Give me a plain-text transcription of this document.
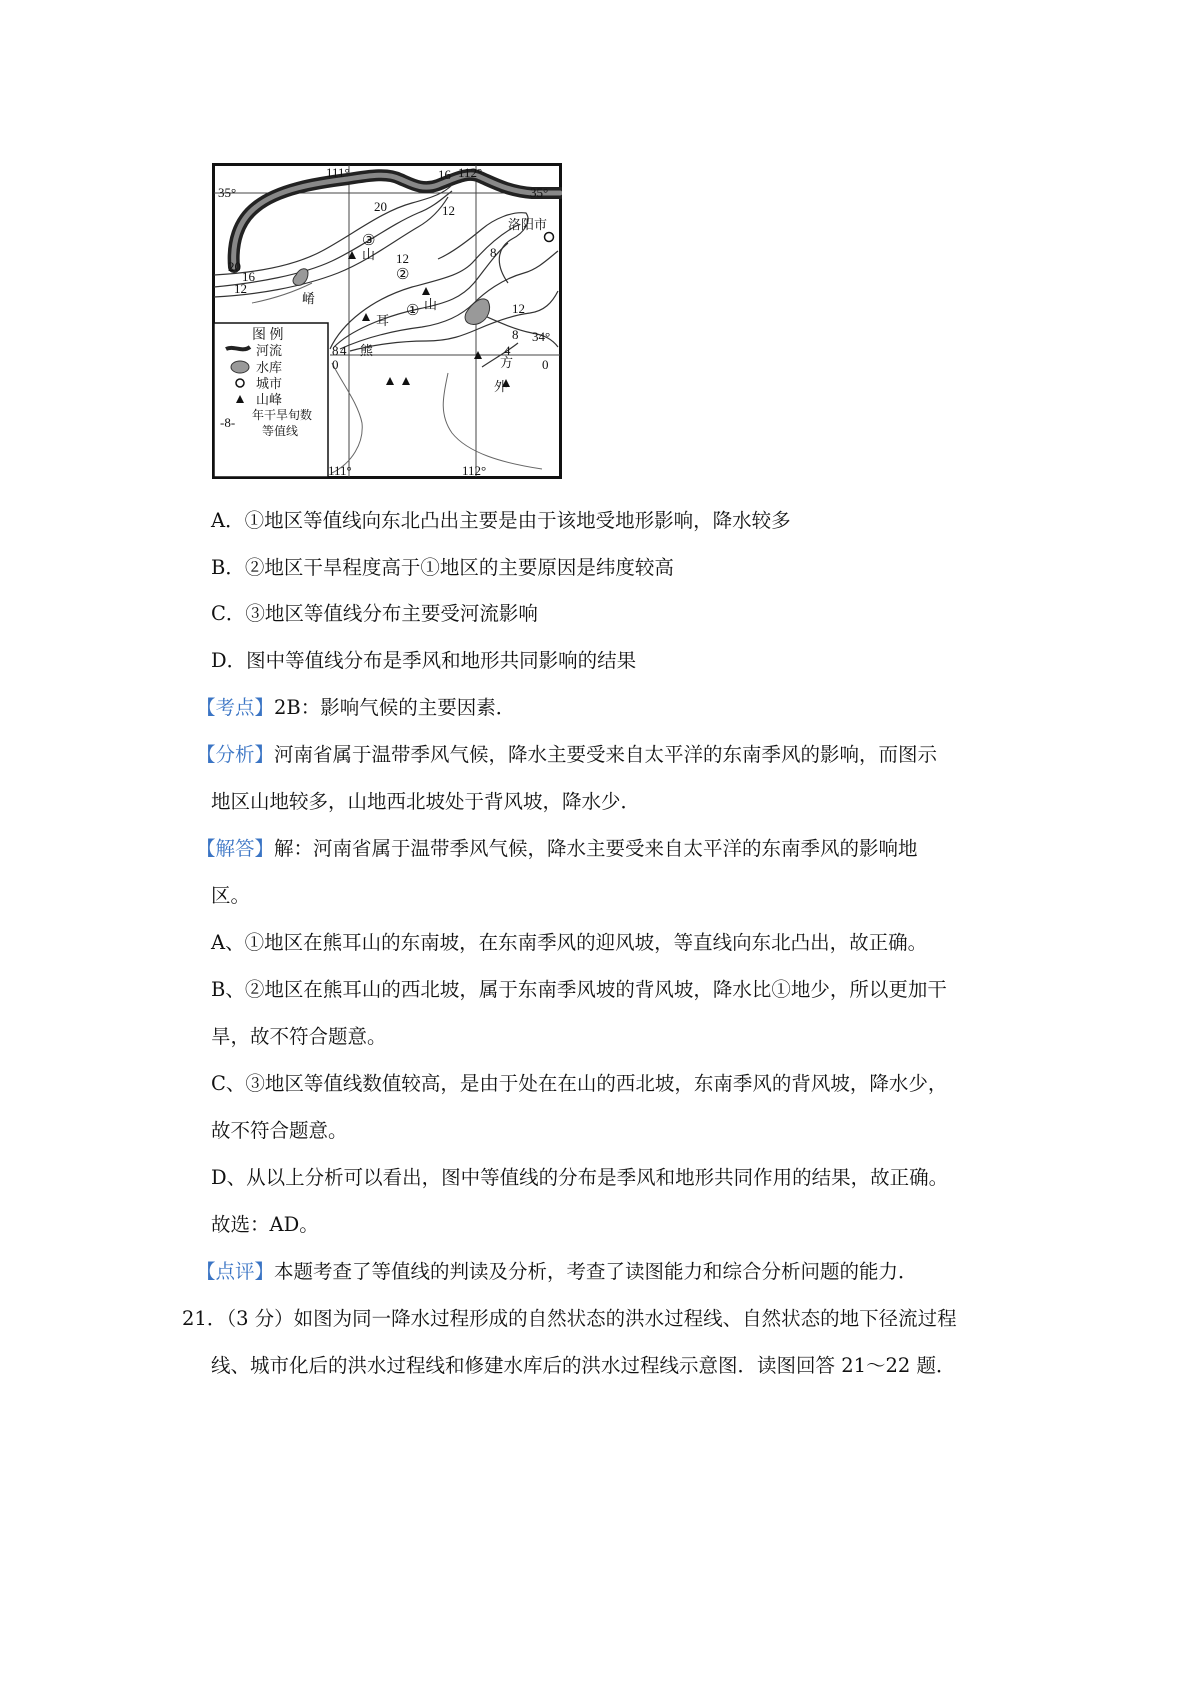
111°	112°
35°	35°
34°
111°	112°
16
20	12
12
20
16
12
8
12
8
4
8 4
0	0
③
②
①
洛阳市
山
山
崤
熊
耳
方
外
图 例
河流
水库
城市
山峰
-8- 年干旱旬数
等值线
A．①地区等值线向东北凸出主要是由于该地受地形影响，降水较多
B．②地区干旱程度高于①地区的主要原因是纬度较高
C．③地区等值线分布主要受河流影响
D．图中等值线分布是季风和地形共同影响的结果
【考点】2B：影响气候的主要因素．
【分析】河南省属于温带季风气候，降水主要受来自太平洋的东南季风的影响，而图示
地区山地较多，山地西北坡处于背风坡，降水少．
【解答】解：河南省属于温带季风气候，降水主要受来自太平洋的东南季风的影响地
区。
A、①地区在熊耳山的东南坡，在东南季风的迎风坡，等直线向东北凸出，故正确。
B、②地区在熊耳山的西北坡，属于东南季风坡的背风坡，降水比①地少，所以更加干
旱，故不符合题意。
C、③地区等值线数值较高，是由于处在在山的西北坡，东南季风的背风坡，降水少，
故不符合题意。
D、从以上分析可以看出，图中等值线的分布是季风和地形共同作用的结果，故正确。
故选：AD。
【点评】本题考查了等值线的判读及分析，考查了读图能力和综合分析问题的能力．
21．（3 分）如图为同一降水过程形成的自然状态的洪水过程线、自然状态的地下径流过程
线、城市化后的洪水过程线和修建水库后的洪水过程线示意图．读图回答 21～22 题．
